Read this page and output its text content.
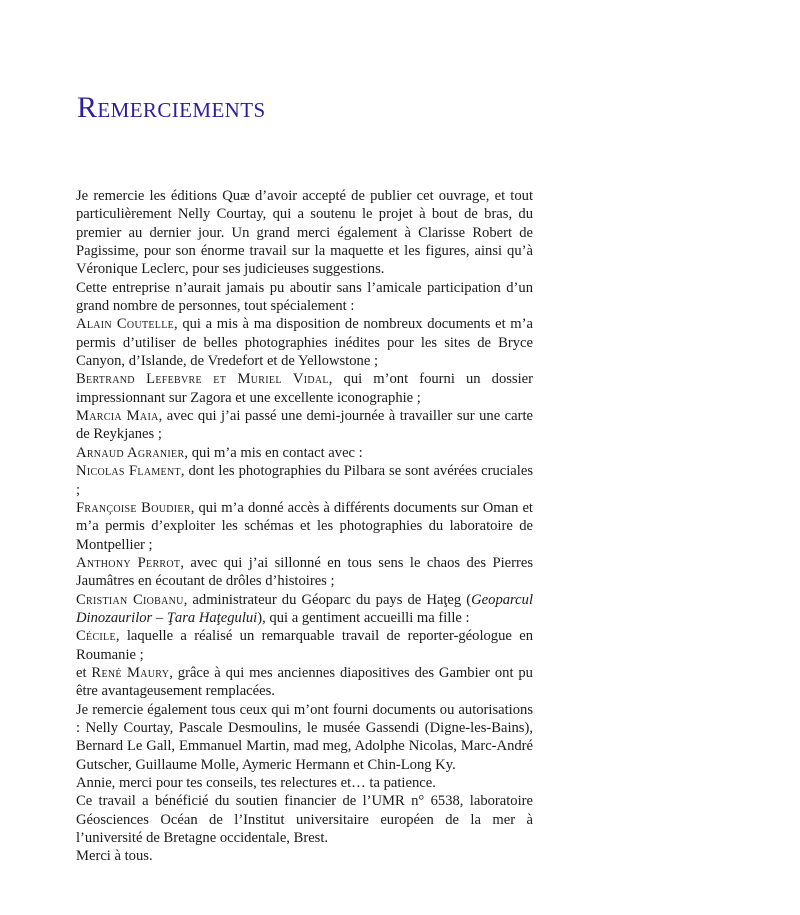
Remerciements

Je remercie les éditions Quæ d’avoir accepté de publier cet ouvrage, et tout particulièrement Nelly Courtay, qui a soutenu le projet à bout de bras, du premier au dernier jour. Un grand merci également à Clarisse Robert de Pagissime, pour son énorme travail sur la maquette et les figures, ainsi qu’à Véronique Leclerc, pour ses judicieuses suggestions.

Cette entreprise n’aurait jamais pu aboutir sans l’amicale participation d’un grand nombre de personnes, tout spécialement :

Alain Coutelle, qui a mis à ma disposition de nombreux documents et m’a permis d’utiliser de belles photographies inédites pour les sites de Bryce Canyon, d’Islande, de Vredefort et de Yellowstone ;

Bertrand Lefebvre et Muriel Vidal, qui m’ont fourni un dossier impressionnant sur Zagora et une excellente iconographie ;

Marcia Maia, avec qui j’ai passé une demi-journée à travailler sur une carte de Reykjanes ;

Arnaud Agranier, qui m’a mis en contact avec :

Nicolas Flament, dont les photographies du Pilbara se sont avérées cruciales ;

Françoise Boudier, qui m’a donné accès à différents documents sur Oman et m’a permis d’exploiter les schémas et les photographies du laboratoire de Montpellier ;

Anthony Perrot, avec qui j’ai sillonné en tous sens le chaos des Pierres Jaumâtres en écoutant de drôles d’histoires ;

Cristian Ciobanu, administrateur du Géoparc du pays de Haţeg (Geoparcul Dinozaurilor – Ţara Haţegului), qui a gentiment accueilli ma fille :

Cécile, laquelle a réalisé un remarquable travail de reporter-géologue en Roumanie ;

et René Maury, grâce à qui mes anciennes diapositives des Gambier ont pu être avantageusement remplacées.

Je remercie également tous ceux qui m’ont fourni documents ou autorisations : Nelly Courtay, Pascale Desmoulins, le musée Gassendi (Digne-les-Bains), Bernard Le Gall, Emmanuel Martin, mad meg, Adolphe Nicolas, Marc-André Gutscher, Guillaume Molle, Aymeric Hermann et Chin-Long Ky.

Annie, merci pour tes conseils, tes relectures et… ta patience.

Ce travail a bénéficié du soutien financier de l’UMR n° 6538, laboratoire Géosciences Océan de l’Institut universitaire européen de la mer à l’université de Bretagne occidentale, Brest.

Merci à tous.
